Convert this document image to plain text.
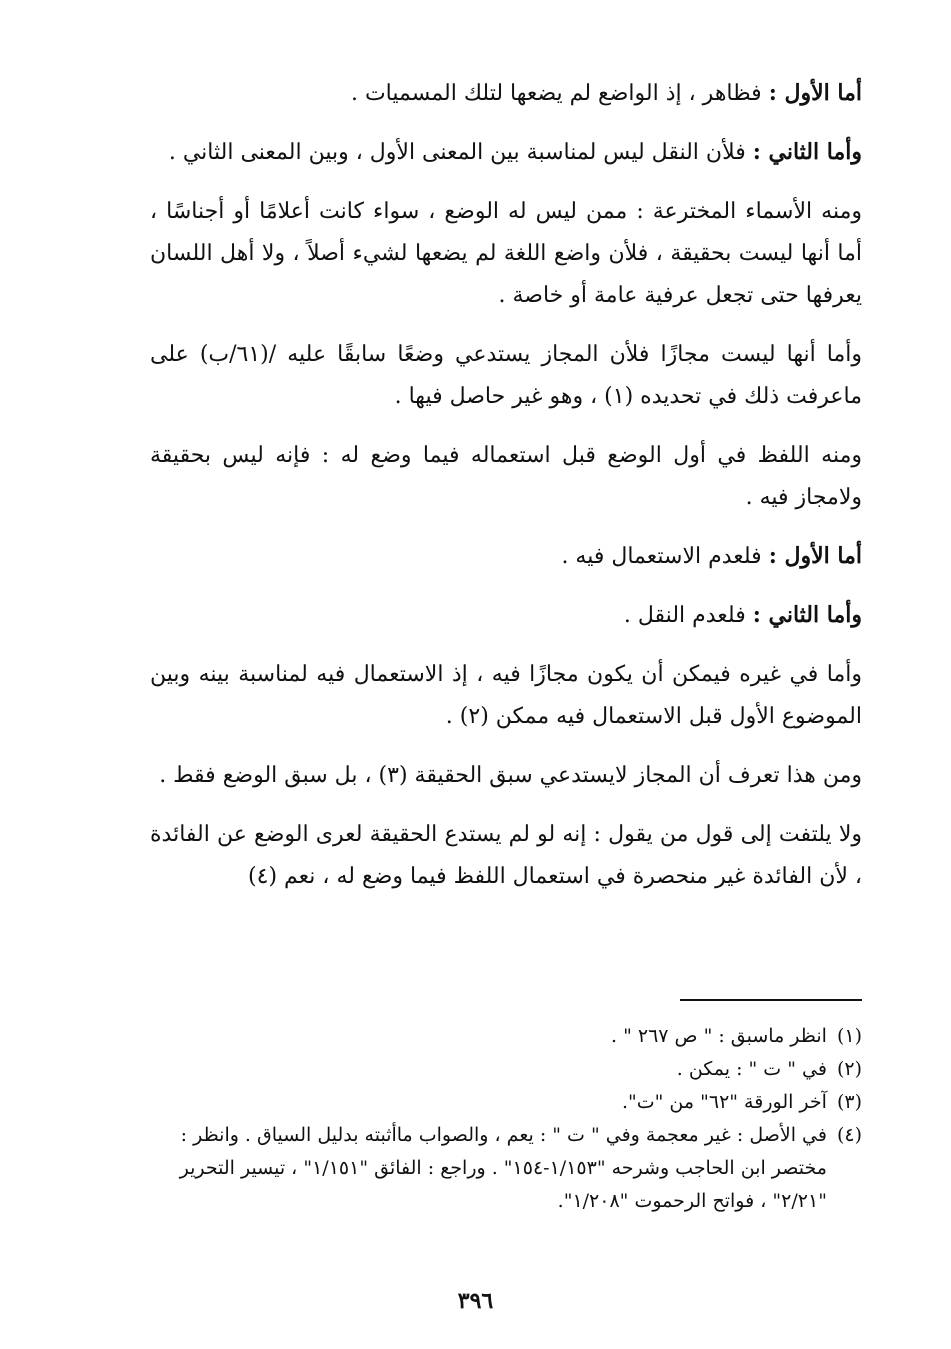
أما الأول : فظاهر ، إذ الواضع لم يضعها لتلك المسميات .

وأما الثاني : فلأن النقل ليس لمناسبة بين المعنى الأول ، وبين المعنى الثاني .

ومنه الأسماء المخترعة : ممن ليس له الوضع ، سواء كانت أعلامًا أو أجناسًا ، أما أنها ليست بحقيقة ، فلأن واضع اللغة لم يضعها لشيء أصلاً ، ولا أهل اللسان يعرفها حتى تجعل عرفية عامة أو خاصة .

وأما أنها ليست مجازًا فلأن المجاز يستدعي وضعًا سابقًا عليه /(٦١/ب) على ماعرفت ذلك في تحديده (١) ، وهو غير حاصل فيها .

ومنه اللفظ في أول الوضع قبل استعماله فيما وضع له : فإنه ليس بحقيقة ولامجاز فيه .

أما الأول : فلعدم الاستعمال فيه .

وأما الثاني : فلعدم النقل .

وأما في غيره فيمكن أن يكون مجازًا فيه ، إذ الاستعمال فيه لمناسبة بينه وبين الموضوع الأول قبل الاستعمال فيه ممكن (٢) .

ومن هذا تعرف أن المجاز لايستدعي سبق الحقيقة (٣) ، بل سبق الوضع فقط .

ولا يلتفت إلى قول من يقول : إنه لو لم يستدع الحقيقة لعرى الوضع عن الفائدة ، لأن الفائدة غير منحصرة في استعمال اللفظ فيما وضع له ، نعم (٤)

(١)
انظر ماسبق : " ص ٢٦٧ " .
(٢)
في " ت " : يمكن .
(٣)
آخر الورقة "٦٢" من "ت".
(٤)
في الأصل : غير معجمة وفي " ت " : يعم ، والصواب ماأثبته بدليل السياق . وانظر : مختصر ابن الحاجب وشرحه "١/١٥٣-١٥٤" . وراجع : الفائق "١/١٥١" ، تيسير التحرير "٢/٢١" ، فواتح الرحموت "١/٢٠٨".
٣٩٦
